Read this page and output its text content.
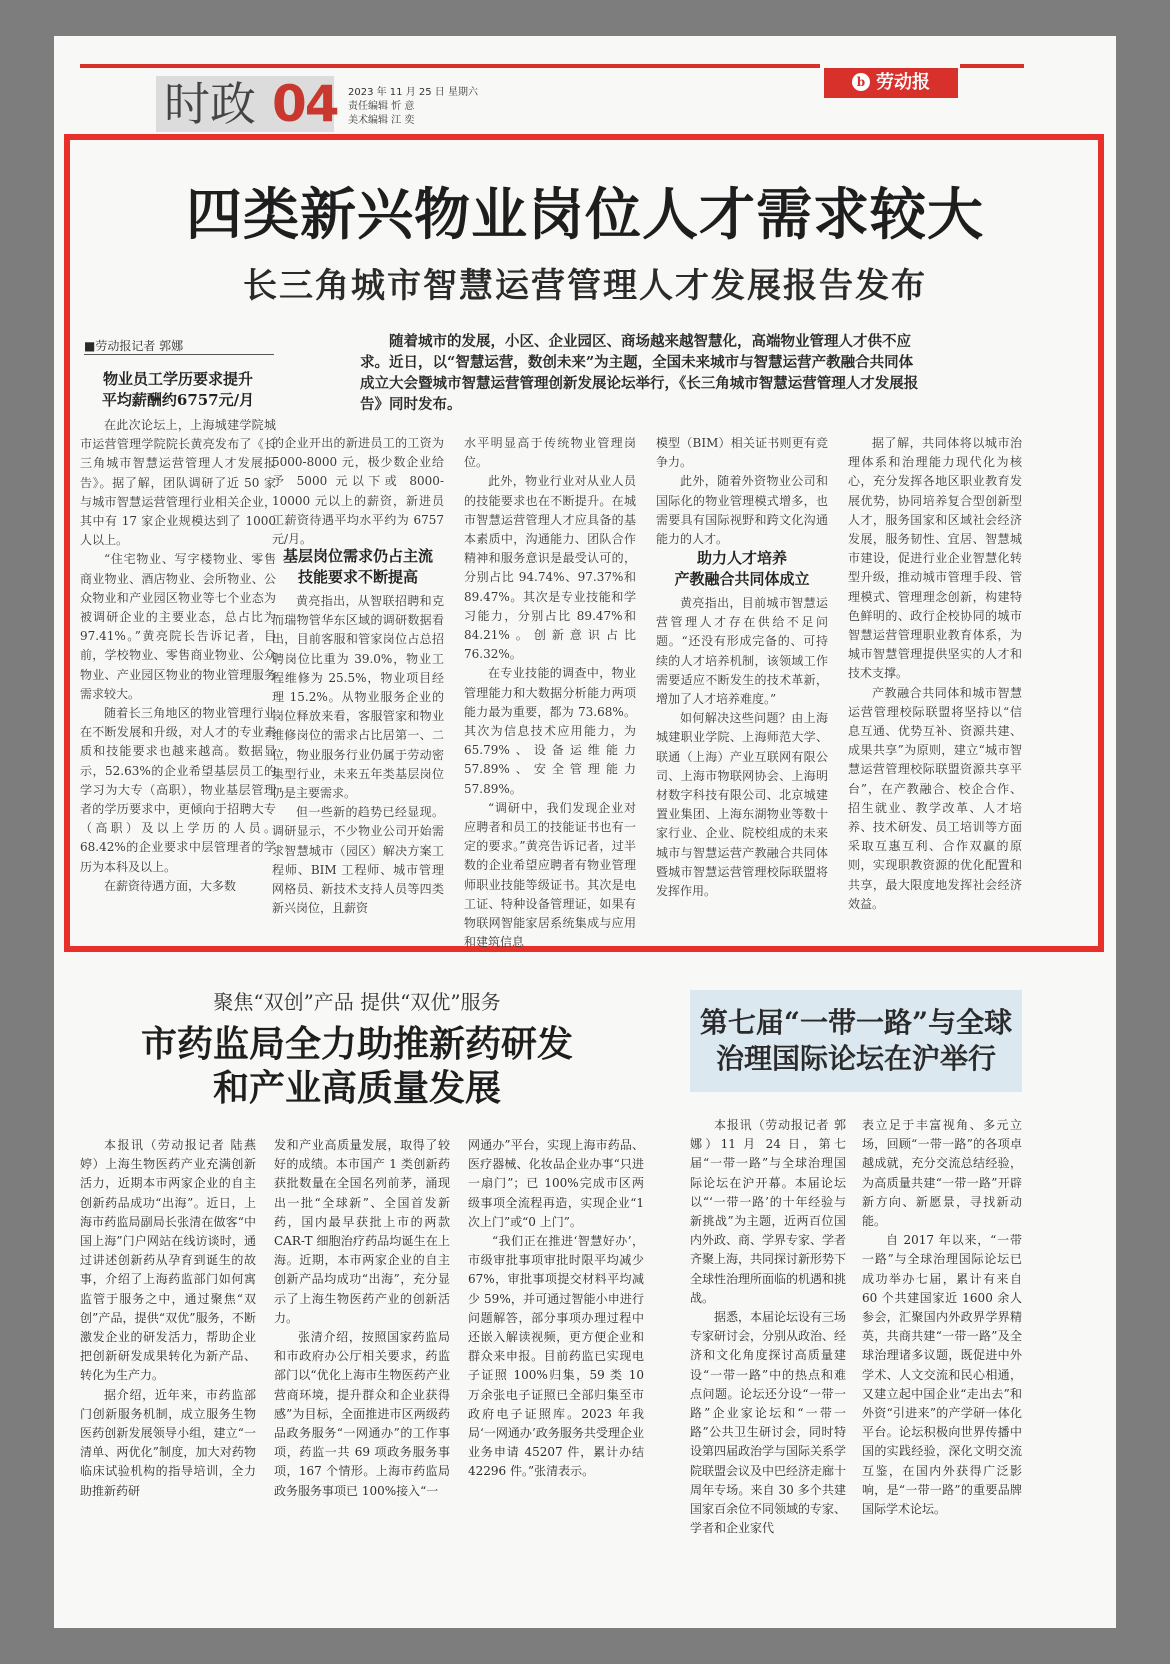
时政 04 2023 年 11 月 25 日 星期六
责任编辑 忻 意
美术编辑 江 奕
b 劳动报
四类新兴物业岗位人才需求较大
长三角城市智慧运营管理人才发展报告发布
■劳动报记者 郭娜	随着城市的发展，小区、企业园区、商场越来越智慧化，高端物业管理人才供不应求。近日，以“智慧运营，数创未来”为主题，全国未来城市与智慧运营产教融合共同体成立大会暨城市智慧运营管理创新发展论坛举行，《长三角城市智慧运营管理人才发展报告》同时发布。
物业员工学历要求提升
平均薪酬约6757元/月

在此次论坛上，上海城建学院城市运营管理学院院长黄亮发布了《长三角城市智慧运营管理人才发展报告》。据了解，团队调研了近 50 家与城市智慧运营管理行业相关企业，其中有 17 家企业规模达到了 1000 人以上。

“住宅物业、写字楼物业、零售商业物业、酒店物业、会所物业、公众物业和产业园区物业等七个业态为被调研企业的主要业态，总占比为 97.41%。”黄亮院长告诉记者，目前，学校物业、零售商业物业、公众物业、产业园区物业的物业管理服务需求较大。

随着长三角地区的物业管理行业在不断发展和升级，对人才的专业素质和技能要求也越来越高。数据显示，52.63%的企业希望基层员工的学习为大专（高职），物业基层管理者的学历要求中，更倾向于招聘大专（高职）及以上学历的人员。68.42%的企业要求中层管理者的学历为本科及以上。

在薪资待遇方面，大多数

的企业开出的新进员工的工资为 5000-8000 元，极少数企业给予 5000 元以下或 8000-10000 元以上的薪资，新进员工薪资待遇平均水平约为 6757 元/月。

基层岗位需求仍占主流
技能要求不断提高

黄亮指出，从智联招聘和克而瑞物管华东区域的调研数据看出，目前客服和管家岗位占总招聘岗位比重为 39.0%，物业工程维修为 25.5%，物业项目经理 15.2%。从物业服务企业的岗位释放来看，客服管家和物业维修岗位的需求占比居第一、二位，物业服务行业仍属于劳动密集型行业，未来五年类基层岗位仍是主要需求。

但一些新的趋势已经显现。调研显示，不少物业公司开始需求智慧城市（园区）解决方案工程师、BIM 工程师、城市管理网格员、新技术支持人员等四类新兴岗位，且薪资

水平明显高于传统物业管理岗位。

此外，物业行业对从业人员的技能要求也在不断提升。在城市智慧运营管理人才应具备的基本素质中，沟通能力、团队合作精神和服务意识是最受认可的，分别占比 94.74%、97.37%和 89.47%。其次是专业技能和学习能力，分别占比 89.47%和 84.21%。创新意识占比 76.32%。

在专业技能的调查中，物业管理能力和大数据分析能力两项能力最为重要，都为 73.68%。其次为信息技术应用能力，为 65.79%、设备运维能力 57.89%、安全管理能力 57.89%。

“调研中，我们发现企业对应聘者和员工的技能证书也有一定的要求。”黄亮告诉记者，过半数的企业希望应聘者有物业管理师职业技能等级证书。其次是电工证、特种设备管理证，如果有物联网智能家居系统集成与应用和建筑信息

模型（BIM）相关证书则更有竞争力。

此外，随着外资物业公司和国际化的物业管理模式增多，也需要具有国际视野和跨文化沟通能力的人才。

助力人才培养
产教融合共同体成立

黄亮指出，目前城市智慧运营管理人才存在供给不足问题。“还没有形成完备的、可持续的人才培养机制，该领域工作需要适应不断发生的技术革新，增加了人才培养难度。”

如何解决这些问题？由上海城建职业学院、上海师范大学、联通（上海）产业互联网有限公司、上海市物联网协会、上海明材数字科技有限公司、北京城建置业集团、上海东湖物业等数十家行业、企业、院校组成的未来城市与智慧运营产教融合共同体暨城市智慧运营管理校际联盟将发挥作用。

据了解，共同体将以城市治理体系和治理能力现代化为核心，充分发挥各地区职业教育发展优势，协同培养复合型创新型人才，服务国家和区域社会经济发展，服务韧性、宜居、智慧城市建设，促进行业企业智慧化转型升级，推动城市管理手段、管理模式、管理理念创新，构建特色鲜明的、政行企校协同的城市智慧运营管理职业教育体系，为城市智慧管理提供坚实的人才和技术支撑。

产教融合共同体和城市智慧运营管理校际联盟将坚持以“信息互通、优势互补、资源共建、成果共享”为原则，建立“城市智慧运营管理校际联盟资源共享平台”，在产教融合、校企合作、招生就业、教学改革、人才培养、技术研发、员工培训等方面采取互惠互利、合作双赢的原则，实现职教资源的优化配置和共享，最大限度地发挥社会经济效益。

聚焦“双创”产品 提供“双优”服务
市药监局全力助推新药研发
和产业高质量发展

本报讯（劳动报记者 陆燕婷）上海生物医药产业充满创新活力，近期本市两家企业的自主创新药品成功“出海”。近日，上海市药监局副局长张清在做客“中国上海”门户网站在线访谈时，通过讲述创新药从孕育到诞生的故事，介绍了上海药监部门如何寓监管于服务之中，通过聚焦“双创”产品，提供“双优”服务，不断激发企业的研发活力，帮助企业把创新研发成果转化为新产品、转化为生产力。

据介绍，近年来，市药监部门创新服务机制，成立服务生物医药创新发展领导小组，建立“一清单、两优化”制度，加大对药物临床试验机构的指导培训，全力助推新药研

发和产业高质量发展，取得了较好的成绩。本市国产 1 类创新药获批数量在全国名列前茅，涌现出一批“全球新”、全国首发新药，国内最早获批上市的两款 CAR-T 细胞治疗药品均诞生在上海。近期，本市两家企业的自主创新产品均成功“出海”，充分显示了上海生物医药产业的创新活力。

张清介绍，按照国家药监局和市政府办公厅相关要求，药监部门以“优化上海市生物医药产业营商环境，提升群众和企业获得感”为目标，全面推进市区两级药品政务服务“一网通办”的工作事项，药监一共 69 项政务服务事项，167 个情形。上海市药监局政务服务事项已 100%接入“一

网通办”平台，实现上海市药品、医疗器械、化妆品企业办事“只进一扇门”；已 100%完成市区两级事项全流程再造，实现企业“1 次上门”或“0 上门”。

“我们正在推进‘智慧好办’，市级审批事项审批时限平均减少 67%，审批事项提交材料平均减少 59%，并可通过智能小申进行问题解答，部分事项办理过程中还嵌入解读视频，更方便企业和群众来申报。目前药监已实现电子证照 100%归集，59 类 10 万余张电子证照已全部归集至市政府电子证照库。2023 年我局‘一网通办’政务服务共受理企业业务申请 45207 件，累计办结 42296 件。”张清表示。

第七届“一带一路”与全球
治理国际论坛在沪举行

本报讯（劳动报记者 郭娜）11 月 24 日，第七届“一带一路”与全球治理国际论坛在沪开幕。本届论坛以“‘一带一路’的十年经验与新挑战”为主题，近两百位国内外政、商、学界专家、学者齐聚上海，共同探讨新形势下全球性治理所面临的机遇和挑战。

据悉，本届论坛设有三场专家研讨会，分别从政治、经济和文化角度探讨高质量建设“一带一路”中的热点和难点问题。论坛还分设“一带一路”企业家论坛和“一带一路”公共卫生研讨会，同时特设第四届政治学与国际关系学院联盟会议及中巴经济走廊十周年专场。来自 30 多个共建国家百余位不同领域的专家、学者和企业家代

表立足于丰富视角、多元立场，回顾“一带一路”的各项卓越成就，充分交流总结经验，为高质量共建“一带一路”开辟新方向、新愿景，寻找新动能。

自 2017 年以来，“一带一路”与全球治理国际论坛已成功举办七届，累计有来自 60 个共建国家近 1600 余人参会，汇聚国内外政界学界精英，共商共建“一带一路”及全球治理诸多议题，既促进中外学术、人文交流和民心相通，又建立起中国企业“走出去”和外资“引进来”的产学研一体化平台。论坛积极向世界传播中国的实践经验，深化文明交流互鉴，在国内外获得广泛影响，是“一带一路”的重要品牌国际学术论坛。
